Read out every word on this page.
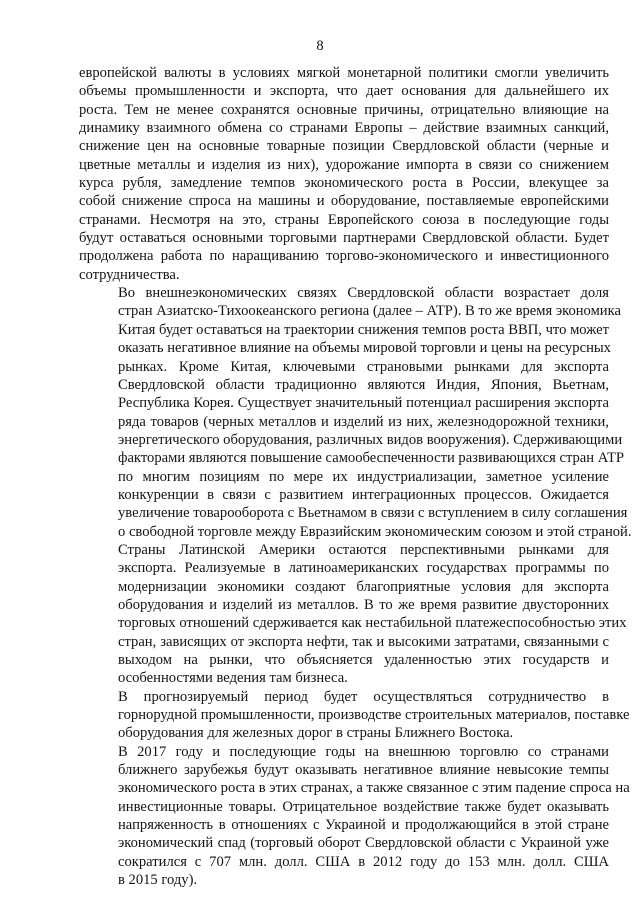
8

европейской валюты в условиях мягкой монетарной политики смогли увеличить
объемы промышленности и экспорта, что дает основания для дальнейшего их
роста. Тем не менее сохранятся основные причины, отрицательно влияющие на
динамику взаимного обмена со странами Европы – действие взаимных санкций,
снижение цен на основные товарные позиции Свердловской области (черные и
цветные металлы и изделия из них), удорожание импорта в связи со снижением
курса рубля, замедление темпов экономического роста в России, влекущее за
собой снижение спроса на машины и оборудование, поставляемые европейскими
странами. Несмотря на это, страны Европейского союза в последующие годы
будут оставаться основными торговыми партнерами Свердловской области. Будет
продолжена работа по наращиванию торгово-экономического и инвестиционного
сотрудничества.

Во внешнеэкономических связях Свердловской области возрастает доля
стран Азиатско-Тихоокеанского региона (далее – АТР). В то же время экономика
Китая будет оставаться на траектории снижения темпов роста ВВП, что может
оказать негативное влияние на объемы мировой торговли и цены на ресурсных
рынках. Кроме Китая, ключевыми страновыми рынками для экспорта
Свердловской области традиционно являются Индия, Япония, Вьетнам,
Республика Корея. Существует значительный потенциал расширения экспорта
ряда товаров (черных металлов и изделий из них, железнодорожной техники,
энергетического оборудования, различных видов вооружения). Сдерживающими
факторами являются повышение самообеспеченности развивающихся стран АТР
по многим позициям по мере их индустриализации, заметное усиление
конкуренции в связи с развитием интеграционных процессов. Ожидается
увеличение товарооборота с Вьетнамом в связи с вступлением в силу соглашения
о свободной торговле между Евразийским экономическим союзом и этой страной.

Страны Латинской Америки остаются перспективными рынками для
экспорта. Реализуемые в латиноамериканских государствах программы по
модернизации экономики создают благоприятные условия для экспорта
оборудования и изделий из металлов. В то же время развитие двусторонних
торговых отношений сдерживается как нестабильной платежеспособностью этих
стран, зависящих от экспорта нефти, так и высокими затратами, связанными с
выходом на рынки, что объясняется удаленностью этих государств и
особенностями ведения там бизнеса.

В прогнозируемый период будет осуществляться сотрудничество в
горнорудной промышленности, производстве строительных материалов, поставке
оборудования для железных дорог в страны Ближнего Востока.

В 2017 году и последующие годы на внешнюю торговлю со странами
ближнего зарубежья будут оказывать негативное влияние невысокие темпы
экономического роста в этих странах, а также связанное с этим падение спроса на
инвестиционные товары. Отрицательное воздействие также будет оказывать
напряженность в отношениях с Украиной и продолжающийся в этой стране
экономический спад (торговый оборот Свердловской области с Украиной уже
сократился с 707 млн. долл. США в 2012 году до 153 млн. долл. США
в 2015 году).
